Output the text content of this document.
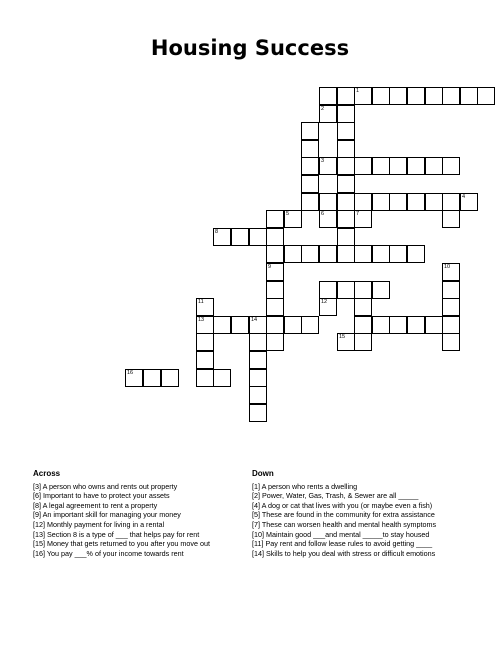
Housing Success
1
3
9
8
13	14
11
10
16
2
4
5	6	7
12
15
Across
[3] A person who owns and rents out property
[6] Important to have to protect your assets
[8] A legal agreement to rent a property
[9] An important skill for managing your money
[12] Monthly payment for living in a rental
[13] Section 8 is a type of ___ that helps pay for rent
[15] Money that gets returned to you after you move out
[16] You pay ___% of your income towards rent
Down
[1] A person who rents a dwelling
[2] Power, Water, Gas, Trash, & Sewer are all _____
[4] A dog or cat that lives with you (or maybe even a fish)
[5] These are found in the community for extra assistance
[7] These can worsen health and mental health symptoms
[10] Maintain good ___and mental _____to stay housed
[11] Pay rent and follow lease rules to avoid getting ____
[14] Skills to help you deal with stress or difficult emotions
